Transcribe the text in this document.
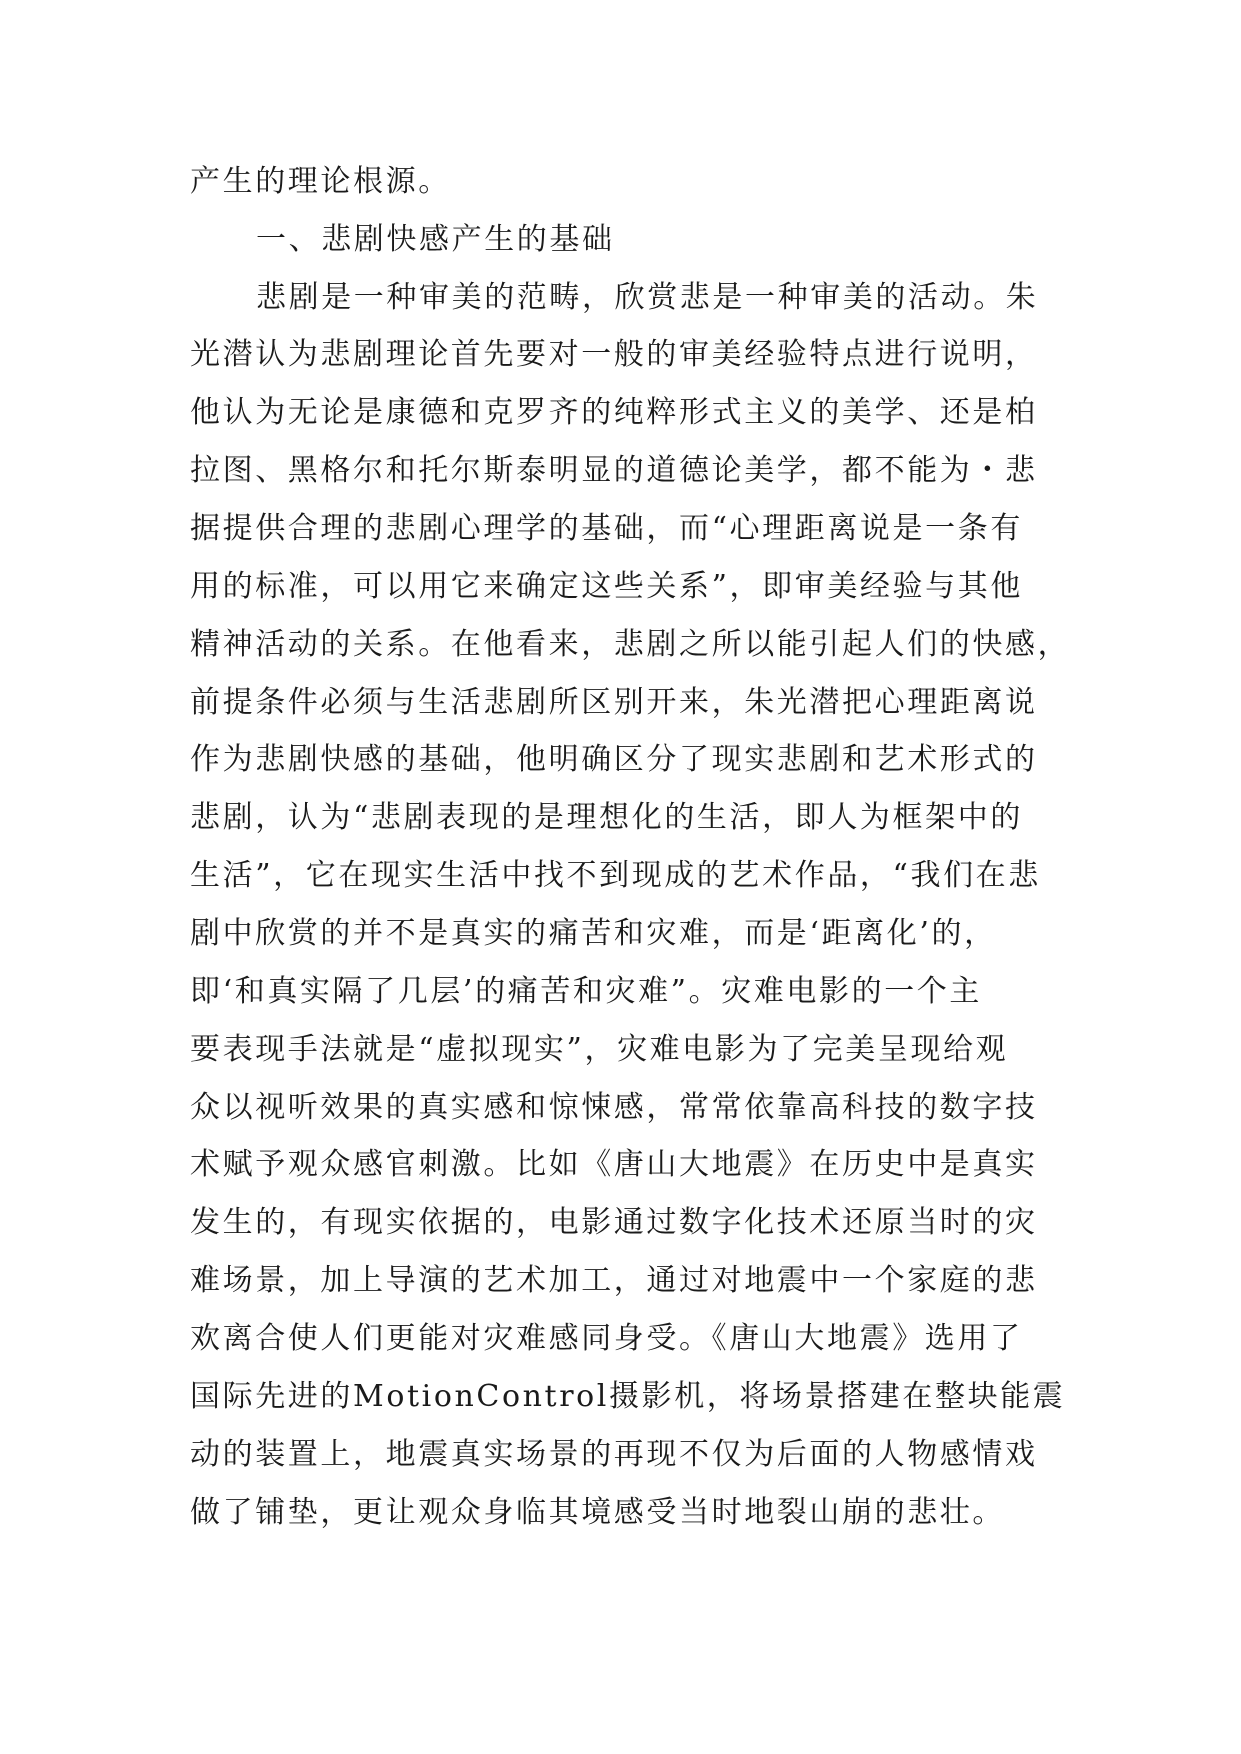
产生的理论根源。
一、悲剧快感产生的基础
悲剧是一种审美的范畴，欣赏悲是一种审美的活动。朱
光潜认为悲剧理论首先要对一般的审美经验特点进行说明，
他认为无论是康德和克罗齐的纯粹形式主义的美学、还是柏
拉图、黑格尔和托尔斯泰明显的道德论美学，都不能为・悲
据提供合理的悲剧心理学的基础，而“心理距离说是一条有
用的标准，可以用它来确定这些关系”，即审美经验与其他
精神活动的关系。在他看来，悲剧之所以能引起人们的快感，
前提条件必须与生活悲剧所区别开来，朱光潜把心理距离说
作为悲剧快感的基础，他明确区分了现实悲剧和艺术形式的
悲剧，认为“悲剧表现的是理想化的生活，即人为框架中的
生活”，它在现实生活中找不到现成的艺术作品，“我们在悲
剧中欣赏的并不是真实的痛苦和灾难，而是‘距离化’的，
即‘和真实隔了几层’的痛苦和灾难”。灾难电影的一个主
要表现手法就是“虚拟现实”，灾难电影为了完美呈现给观
众以视听效果的真实感和惊悚感，常常依靠高科技的数字技
术赋予观众感官刺激。比如《唐山大地震》在历史中是真实
发生的，有现实依据的，电影通过数字化技术还原当时的灾
难场景，加上导演的艺术加工，通过对地震中一个家庭的悲
欢离合使人们更能对灾难感同身受。《唐山大地震》选用了
国际先进的MotionControl摄影机，将场景搭建在整块能震
动的装置上，地震真实场景的再现不仅为后面的人物感情戏
做了铺垫，更让观众身临其境感受当时地裂山崩的悲壮。
